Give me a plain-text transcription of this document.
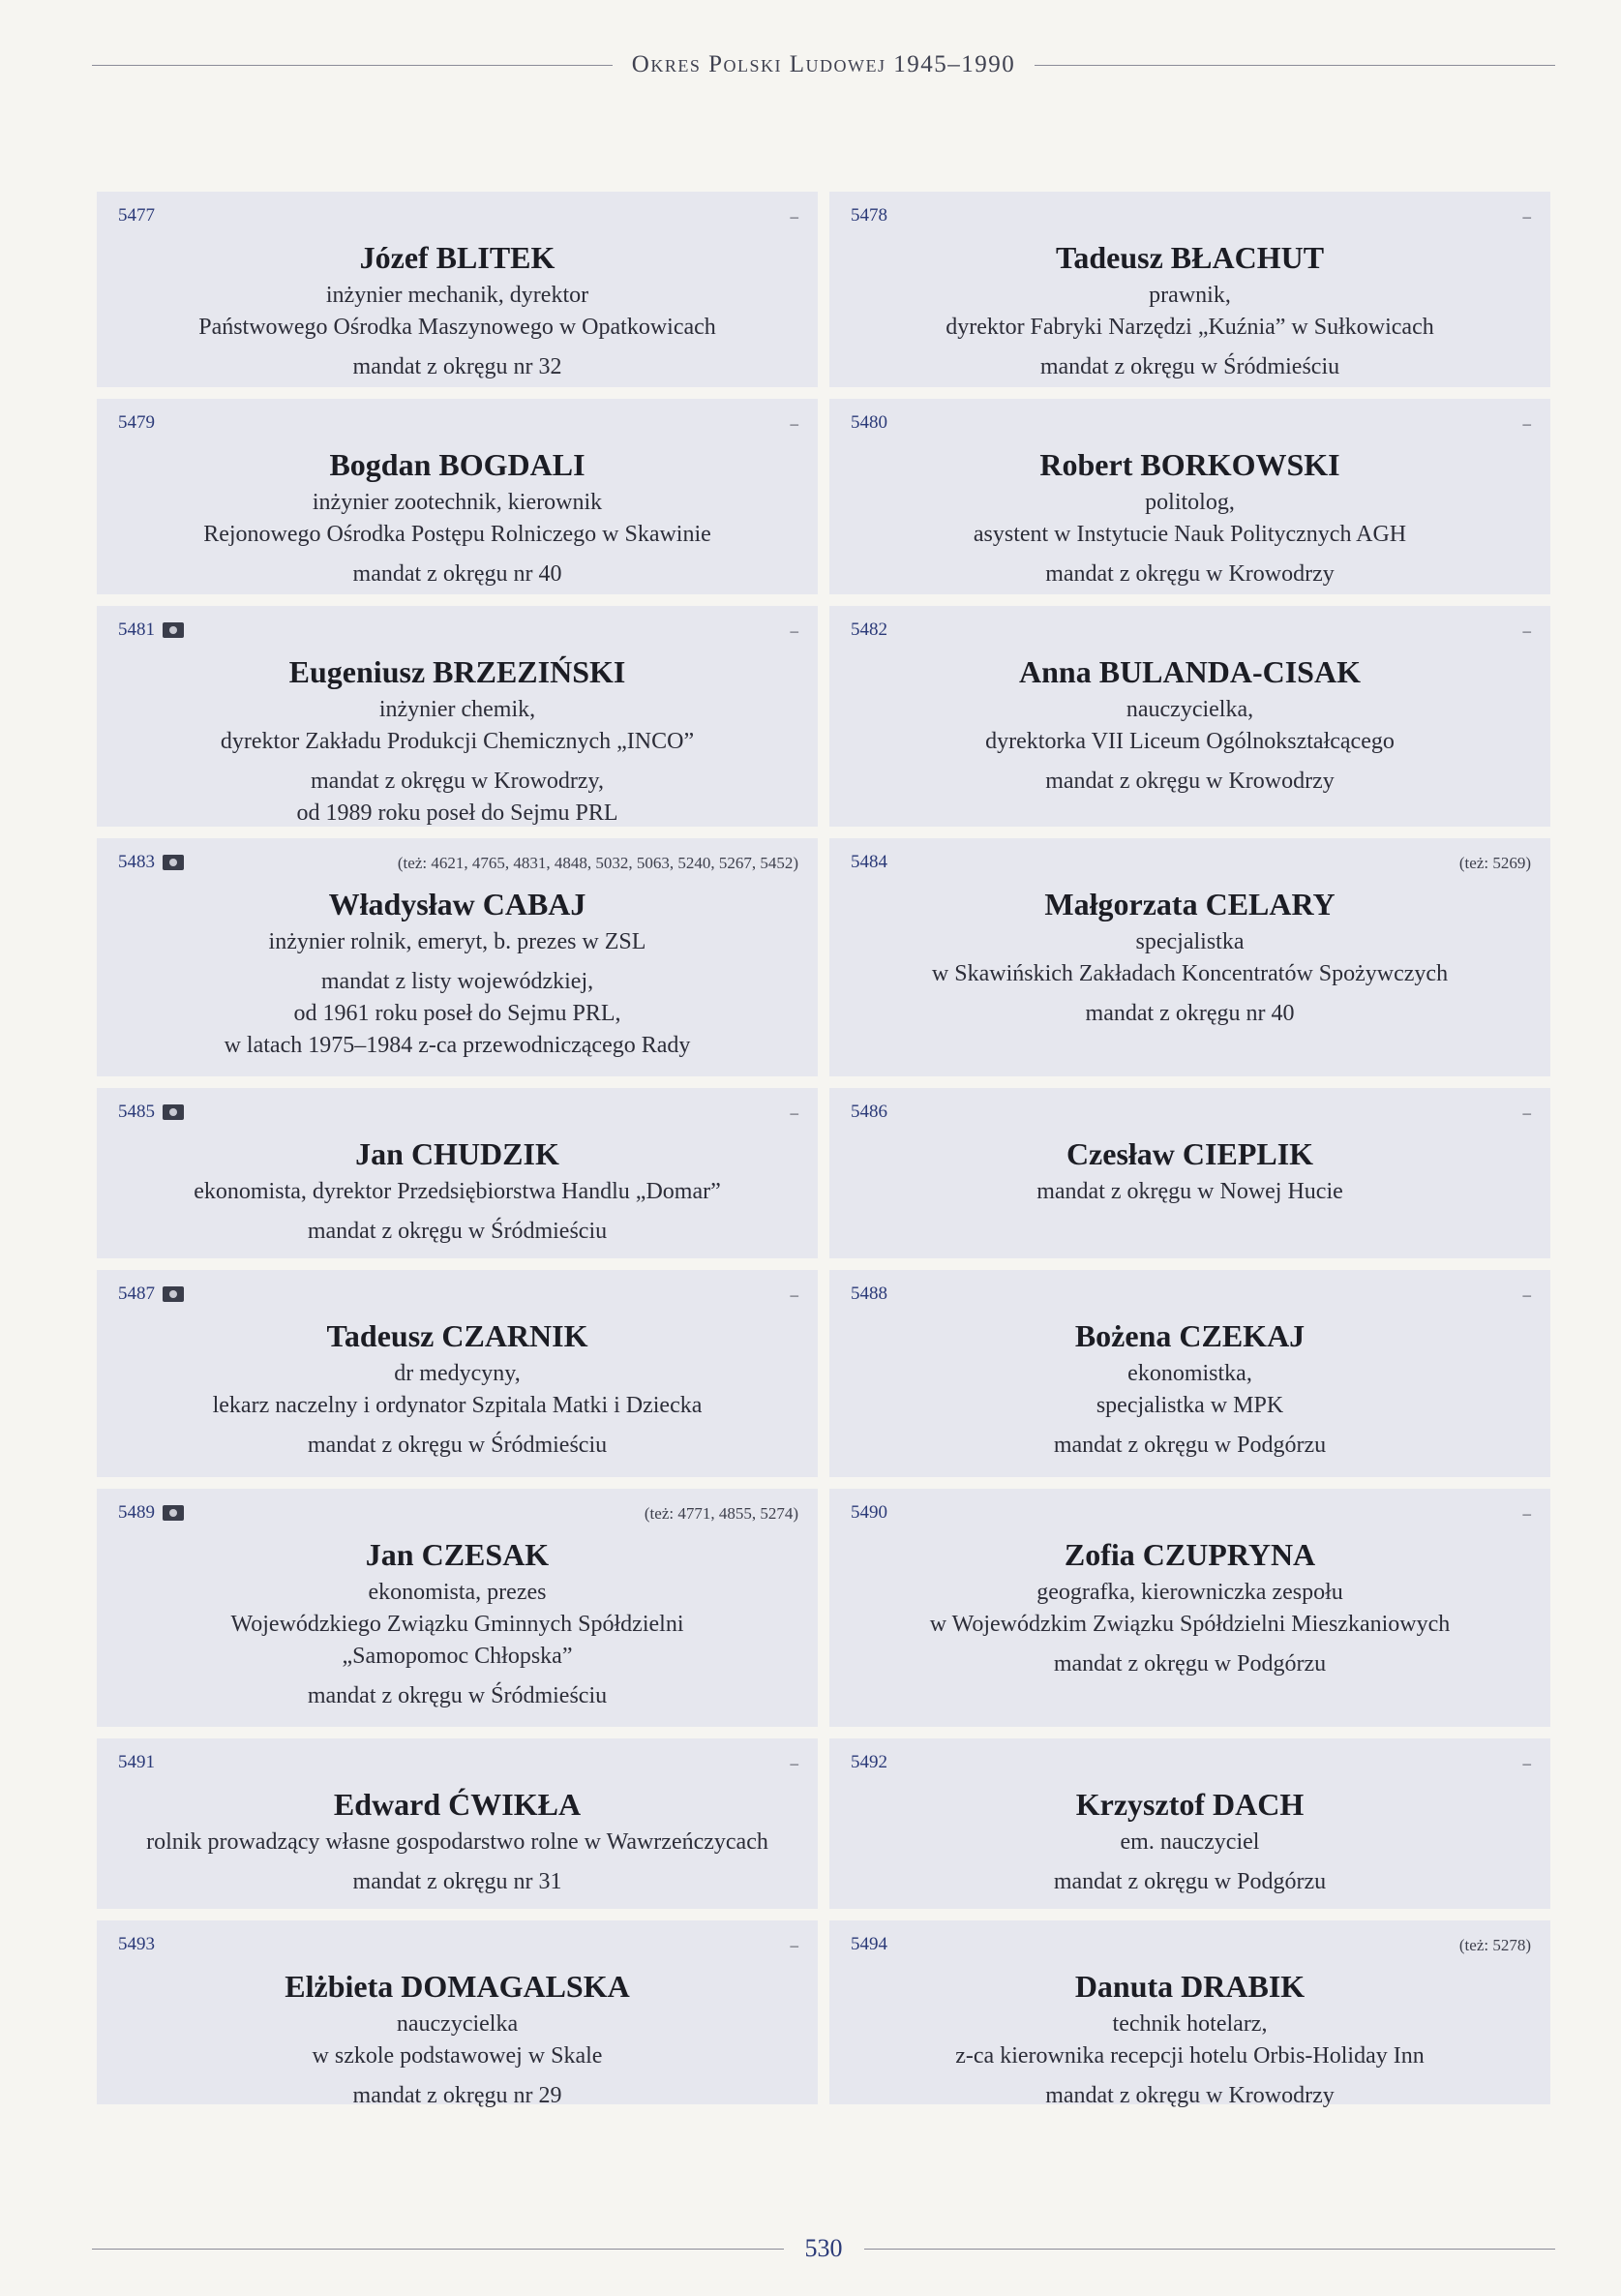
Okres Polski Ludowej 1945–1990
5477	–
Józef BLITEK
inżynier mechanik, dyrektor
Państwowego Ośrodka Maszynowego w Opatkowicach
mandat z okręgu nr 32
5478	–
Tadeusz BŁACHUT
prawnik,
dyrektor Fabryki Narzędzi „Kuźnia” w Sułkowicach
mandat z okręgu w Śródmieściu
5479	–
Bogdan BOGDALI
inżynier zootechnik, kierownik
Rejonowego Ośrodka Postępu Rolniczego w Skawinie
mandat z okręgu nr 40
5480	–
Robert BORKOWSKI
politolog,
asystent w Instytucie Nauk Politycznych AGH
mandat z okręgu w Krowodrzy
5481	–
Eugeniusz BRZEZIŃSKI
inżynier chemik,
dyrektor Zakładu Produkcji Chemicznych „INCO”
mandat z okręgu w Krowodrzy,
od 1989 roku poseł do Sejmu PRL
5482	–
Anna BULANDA-CISAK
nauczycielka,
dyrektorka VII Liceum Ogólnokształcącego
mandat z okręgu w Krowodrzy
5483	(też: 4621, 4765, 4831, 4848, 5032, 5063, 5240, 5267, 5452)
Władysław CABAJ
inżynier rolnik, emeryt, b. prezes w ZSL
mandat z listy wojewódzkiej,
od 1961 roku poseł do Sejmu PRL,
w latach 1975–1984 z-ca przewodniczącego Rady
5484	(też: 5269)
Małgorzata CELARY
specjalistka
w Skawińskich Zakładach Koncentratów Spożywczych
mandat z okręgu nr 40
5485	–
Jan CHUDZIK
ekonomista, dyrektor Przedsiębiorstwa Handlu „Domar”
mandat z okręgu w Śródmieściu
5486	–
Czesław CIEPLIK
mandat z okręgu w Nowej Hucie
5487	–
Tadeusz CZARNIK
dr medycyny,
lekarz naczelny i ordynator Szpitala Matki i Dziecka
mandat z okręgu w Śródmieściu
5488	–
Bożena CZEKAJ
ekonomistka,
specjalistka w MPK
mandat z okręgu w Podgórzu
5489	(też: 4771, 4855, 5274)
Jan CZESAK
ekonomista, prezes
Wojewódzkiego Związku Gminnych Spółdzielni
„Samopomoc Chłopska”
mandat z okręgu w Śródmieściu
5490	–
Zofia CZUPRYNA
geografka, kierowniczka zespołu
w Wojewódzkim Związku Spółdzielni Mieszkaniowych
mandat z okręgu w Podgórzu
5491	–
Edward ĆWIKŁA
rolnik prowadzący własne gospodarstwo rolne w Wawrzeńczycach
mandat z okręgu nr 31
5492	–
Krzysztof DACH
em. nauczyciel
mandat z okręgu w Podgórzu
5493	–
Elżbieta DOMAGALSKA
nauczycielka
w szkole podstawowej w Skale
mandat z okręgu nr 29
5494	(też: 5278)
Danuta DRABIK
technik hotelarz,
z-ca kierownika recepcji hotelu Orbis-Holiday Inn
mandat z okręgu w Krowodrzy
530
